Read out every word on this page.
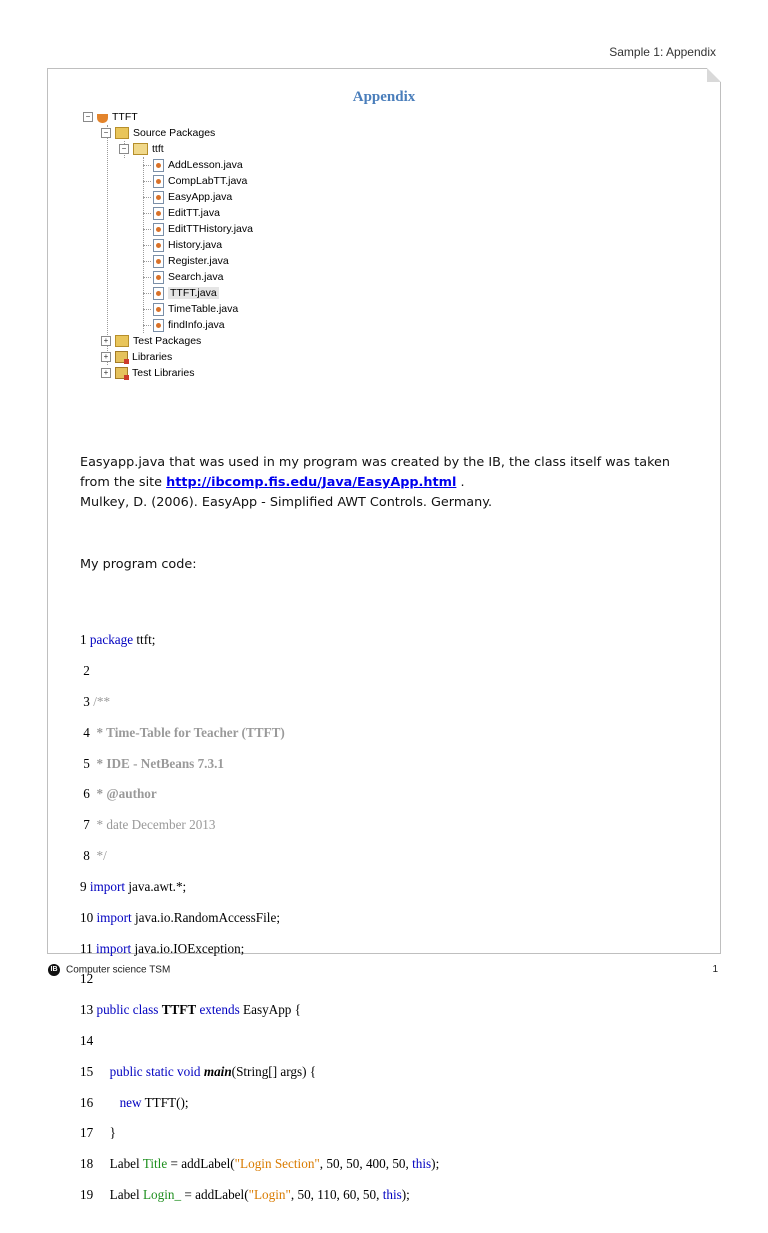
Sample 1: Appendix
Appendix
− TTFT
− Source Packages
− ttft
AddLesson.java
CompLabTT.java
EasyApp.java
EditTT.java
EditTTHistory.java
History.java
Register.java
Search.java
TTFT.java
TimeTable.java
findInfo.java
+ Test Packages
+ Libraries
+ Test Libraries
Easyapp.java that was used in my program was created by the IB, the class itself was taken
from the site http://ibcomp.fis.edu/Java/EasyApp.html .
Mulkey, D. (2006). EasyApp - Simplified AWT Controls. Germany.
My program code:

1 package ttft;

2

3 /**

4  * Time-Table for Teacher (TTFT)

5  * IDE - NetBeans 7.3.1

6  * @author

7  * date December 2013

8  */

9 import java.awt.*;

10 import java.io.RandomAccessFile;

11 import java.io.IOException;

12

13 public class TTFT extends EasyApp {

14

15     public static void main(String[] args) {

16        new TTFT();

17     }

18     Label Title = addLabel("Login Section", 50, 50, 400, 50, this);

19     Label Login_ = addLabel("Login", 50, 110, 60, 50, this);

IB Computer science TSM	1
